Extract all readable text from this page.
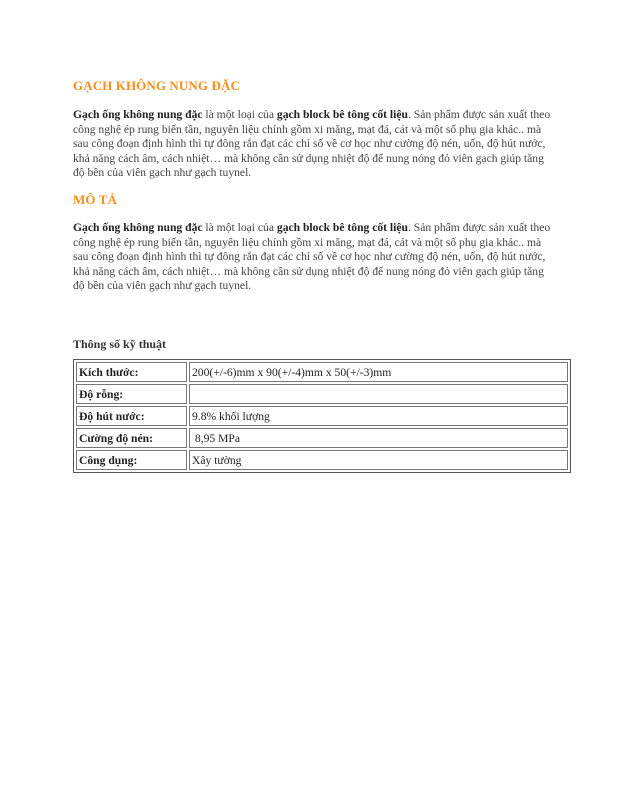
GẠCH KHÔNG NUNG ĐẶC
Gạch ống không nung đặc là một loại của gạch block bê tông cốt liệu. Sản phẩm được sản xuất theo công nghệ ép rung biến tần, nguyên liệu chính gồm xi măng, mạt đá, cát và một số phụ gia khác.. mà sau công đoạn định hình thì tự đông rắn đạt các chỉ số về cơ học như cường độ nén, uốn, độ hút nước, khả năng cách âm, cách nhiệt… mà không cần sử dụng nhiệt độ để nung nóng đỏ viên gạch giúp tăng độ bền của viên gạch như gạch tuynel.
MÔ TẢ
Gạch ống không nung đặc là một loại của gạch block bê tông cốt liệu. Sản phẩm được sản xuất theo công nghệ ép rung biến tần, nguyên liệu chính gồm xi măng, mạt đá, cát và một số phụ gia khác.. mà sau công đoạn định hình thì tự đông rắn đạt các chỉ số về cơ học như cường độ nén, uốn, độ hút nước, khả năng cách âm, cách nhiệt… mà không cần sử dụng nhiệt độ để nung nóng đỏ viên gạch giúp tăng độ bền của viên gạch như gạch tuynel.
Thông số kỹ thuật
Kích thước:	200(+/-6)mm x 90(+/-4)mm x 50(+/-3)mm
Độ rỗng:	
Độ hút nước:	9.8% khối lượng
Cường độ nén:	8,95 MPa
Công dụng:	Xây tường
